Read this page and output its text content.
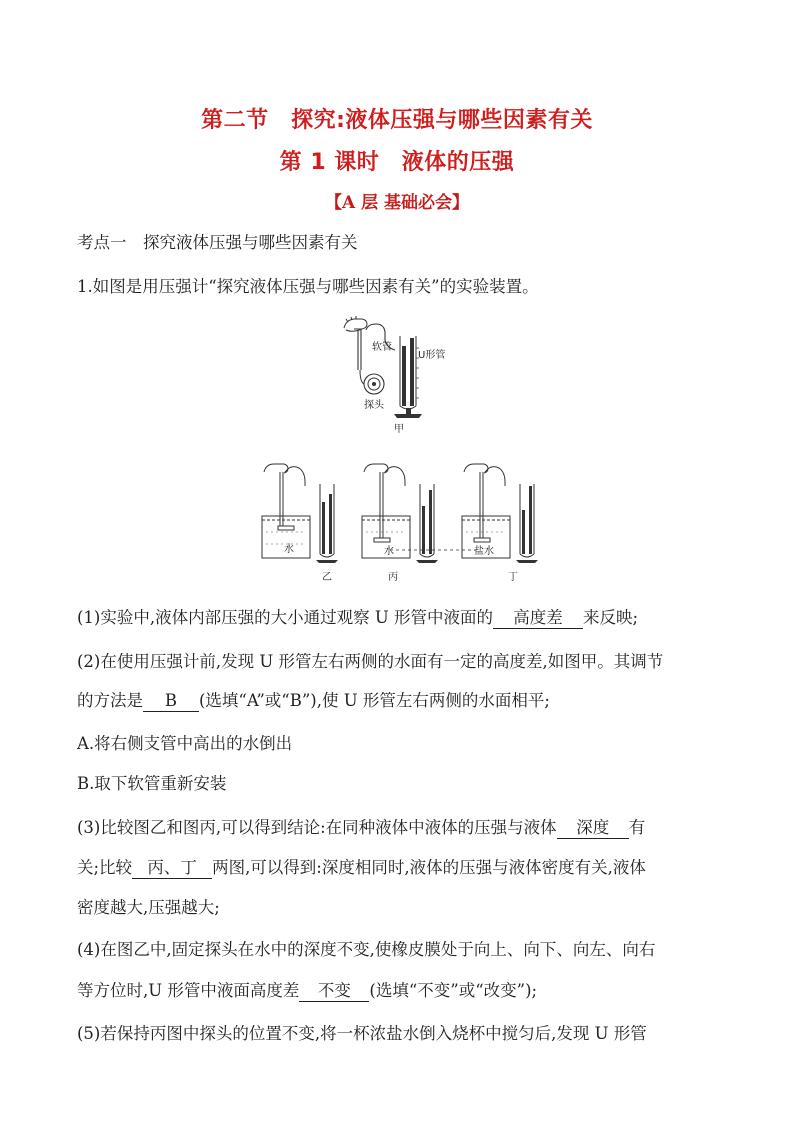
第二节　探究:液体压强与哪些因素有关
第 1 课时　液体的压强
【A 层 基础必会】
考点一　探究液体压强与哪些因素有关
1.如图是用压强计“探究液体压强与哪些因素有关”的实验装置。
软管
探头
U形管
甲
水
乙
水
丙
盐水
丁
(1)实验中,液体内部压强的大小通过观察 U 形管中液面的 高度差 来反映;
(2)在使用压强计前,发现 U 形管左右两侧的水面有一定的高度差,如图甲。其调节
的方法是 B (选填“A”或“B”),使 U 形管左右两侧的水面相平;
A.将右侧支管中高出的水倒出
B.取下软管重新安装
(3)比较图乙和图丙,可以得到结论:在同种液体中液体的压强与液体 深度 有
关;比较 丙、丁 两图,可以得到:深度相同时,液体的压强与液体密度有关,液体
密度越大,压强越大;
(4)在图乙中,固定探头在水中的深度不变,使橡皮膜处于向上、向下、向左、向右
等方位时,U 形管中液面高度差 不变 (选填“不变”或“改变”);
(5)若保持丙图中探头的位置不变,将一杯浓盐水倒入烧杯中搅匀后,发现 U 形管
